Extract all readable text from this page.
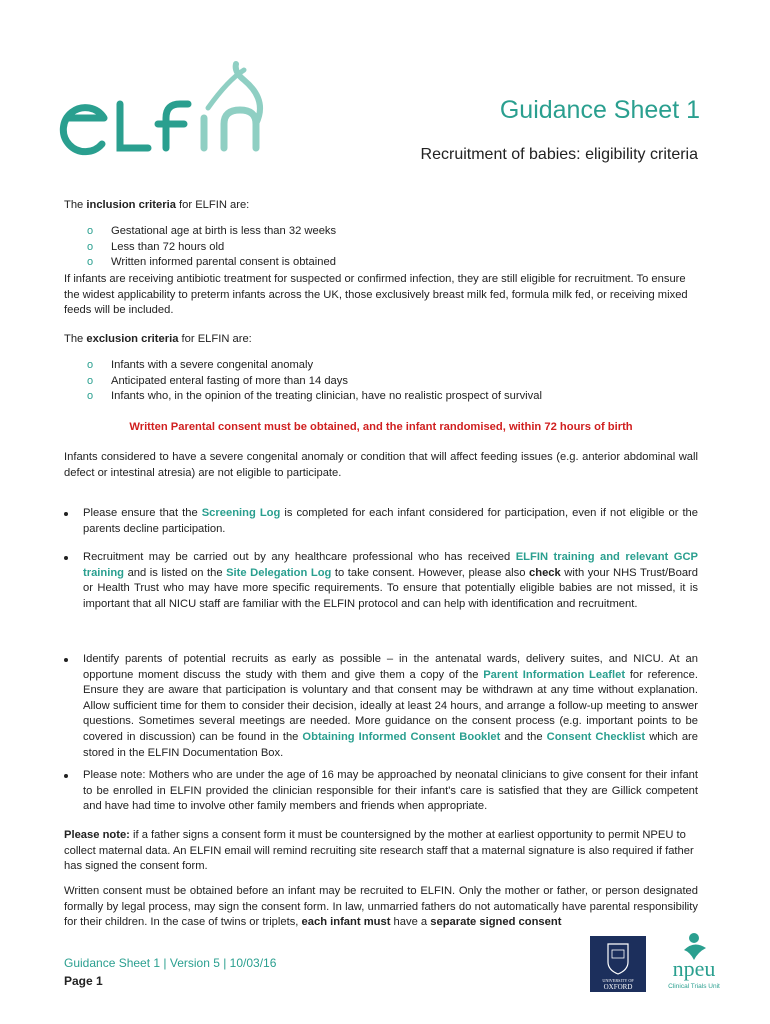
Guidance Sheet 1
Recruitment of babies: eligibility criteria
The inclusion criteria for ELFIN are:
o Gestational age at birth is less than 32 weeks
o Less than 72 hours old
o Written informed parental consent is obtained
If infants are receiving antibiotic treatment for suspected or confirmed infection, they are still eligible for recruitment. To ensure the widest applicability to preterm infants across the UK, those exclusively breast milk fed, formula milk fed, or receiving mixed feeds will be included.
The exclusion criteria for ELFIN are:
o Infants with a severe congenital anomaly
o Anticipated enteral fasting of more than 14 days
o Infants who, in the opinion of the treating clinician, have no realistic prospect of survival
Written Parental consent must be obtained, and the infant randomised, within 72 hours of birth
Infants considered to have a severe congenital anomaly or condition that will affect feeding issues (e.g. anterior abdominal wall defect or intestinal atresia) are not eligible to participate.
Please ensure that the Screening Log is completed for each infant considered for participation, even if not eligible or the parents decline participation.
Recruitment may be carried out by any healthcare professional who has received ELFIN training and relevant GCP training and is listed on the Site Delegation Log to take consent. However, please also check with your NHS Trust/Board or Health Trust who may have more specific requirements. To ensure that potentially eligible babies are not missed, it is important that all NICU staff are familiar with the ELFIN protocol and can help with identification and recruitment.
Identify parents of potential recruits as early as possible – in the antenatal wards, delivery suites, and NICU. At an opportune moment discuss the study with them and give them a copy of the Parent Information Leaflet for reference. Ensure they are aware that participation is voluntary and that consent may be withdrawn at any time without explanation. Allow sufficient time for them to consider their decision, ideally at least 24 hours, and arrange a follow-up meeting to answer questions. Sometimes several meetings are needed. More guidance on the consent process (e.g. important points to be covered in discussion) can be found in the Obtaining Informed Consent Booklet and the Consent Checklist which are stored in the ELFIN Documentation Box.
Please note: Mothers who are under the age of 16 may be approached by neonatal clinicians to give consent for their infant to be enrolled in ELFIN provided the clinician responsible for their infant's care is satisfied that they are Gillick competent and have had time to involve other family members and friends when appropriate.
Please note: if a father signs a consent form it must be countersigned by the mother at earliest opportunity to permit NPEU to collect maternal data. An ELFIN email will remind recruiting site research staff that a maternal signature is also required if father has signed the consent form.
Written consent must be obtained before an infant may be recruited to ELFIN. Only the mother or father, or person designated formally by legal process, may sign the consent form. In law, unmarried fathers do not automatically have parental responsibility for their children. In the case of twins or triplets, each infant must have a separate signed consent
Guidance Sheet 1 | Version 5 | 10/03/16
Page 1	UNIVERSITY OF
OXFORD
npeu
Clinical Trials Unit
